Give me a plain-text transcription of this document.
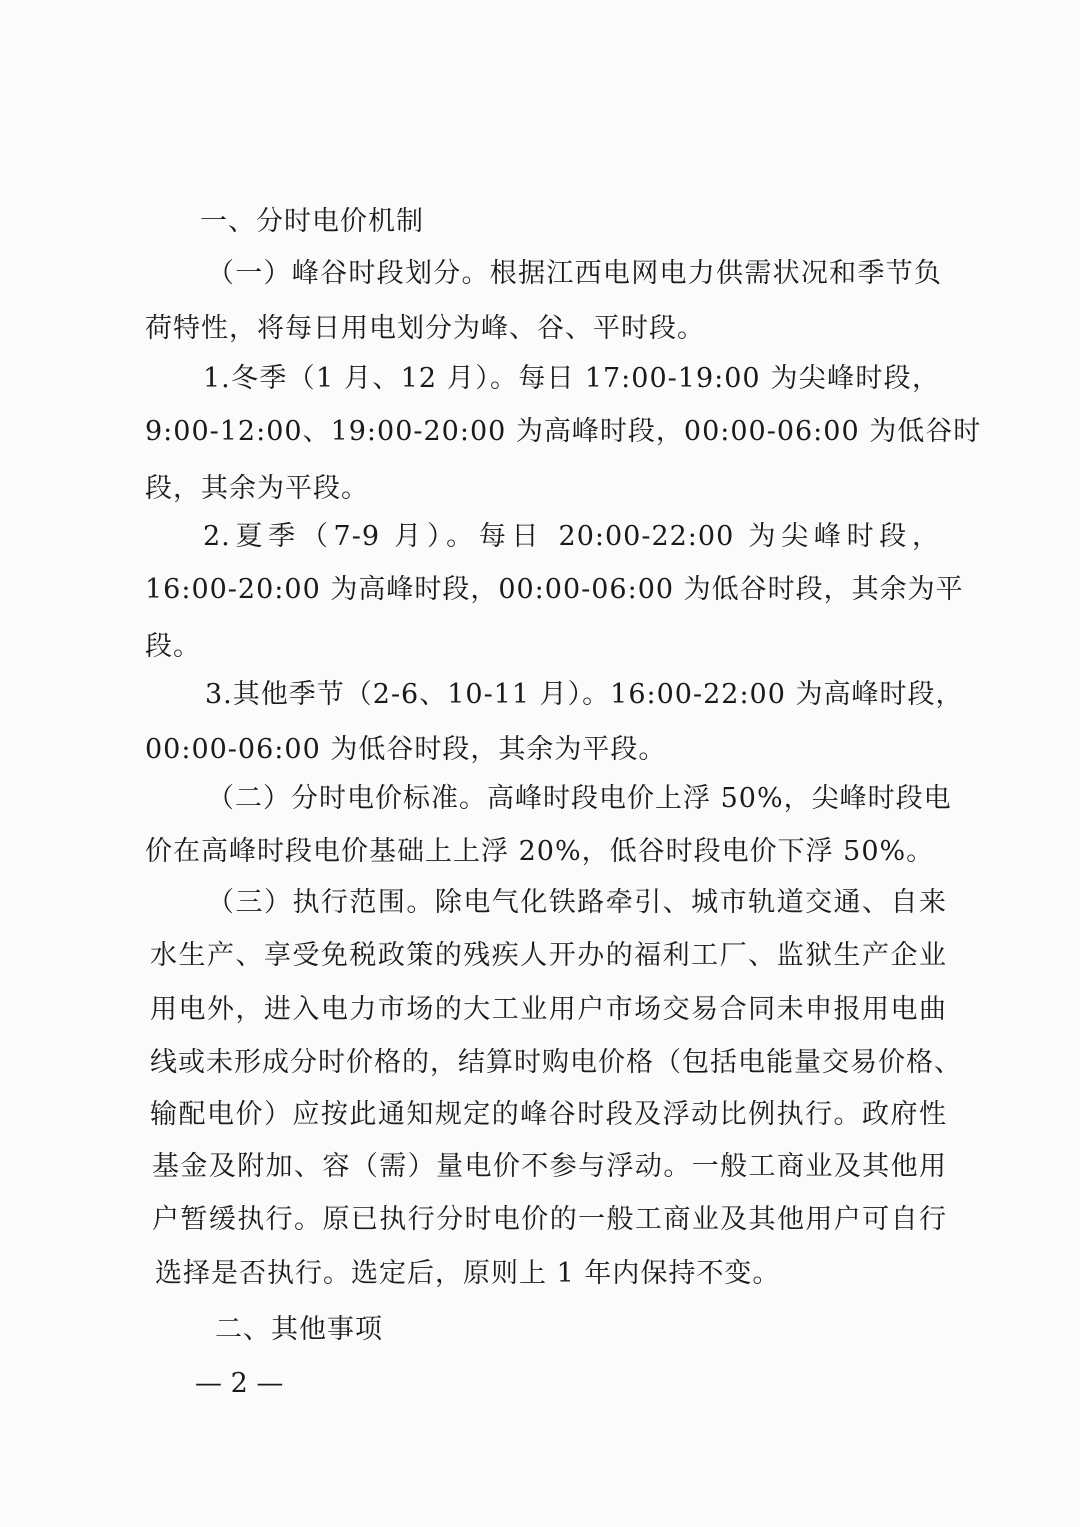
一、分时电价机制
（一）峰谷时段划分。根据江西电网电力供需状况和季节负
荷特性，将每日用电划分为峰、谷、平时段。
1.冬季（1 月、12 月）。每日 17:00-19:00 为尖峰时段，
9:00-12:00、19:00-20:00 为高峰时段，00:00-06:00 为低谷时
段，其余为平段。
2.夏季（7-9 月）。每日 20:00-22:00 为尖峰时段，
16:00-20:00 为高峰时段，00:00-06:00 为低谷时段，其余为平
段。
3.其他季节（2-6、10-11 月）。16:00-22:00 为高峰时段，
00:00-06:00 为低谷时段，其余为平段。
（二）分时电价标准。高峰时段电价上浮 50%，尖峰时段电
价在高峰时段电价基础上上浮 20%，低谷时段电价下浮 50%。
（三）执行范围。除电气化铁路牵引、城市轨道交通、自来
水生产、享受免税政策的残疾人开办的福利工厂、监狱生产企业
用电外，进入电力市场的大工业用户市场交易合同未申报用电曲
线或未形成分时价格的，结算时购电价格（包括电能量交易价格、
输配电价）应按此通知规定的峰谷时段及浮动比例执行。政府性
基金及附加、容（需）量电价不参与浮动。一般工商业及其他用
户暂缓执行。原已执行分时电价的一般工商业及其他用户可自行
选择是否执行。选定后，原则上 1 年内保持不变。
二、其他事项
— 2 —
